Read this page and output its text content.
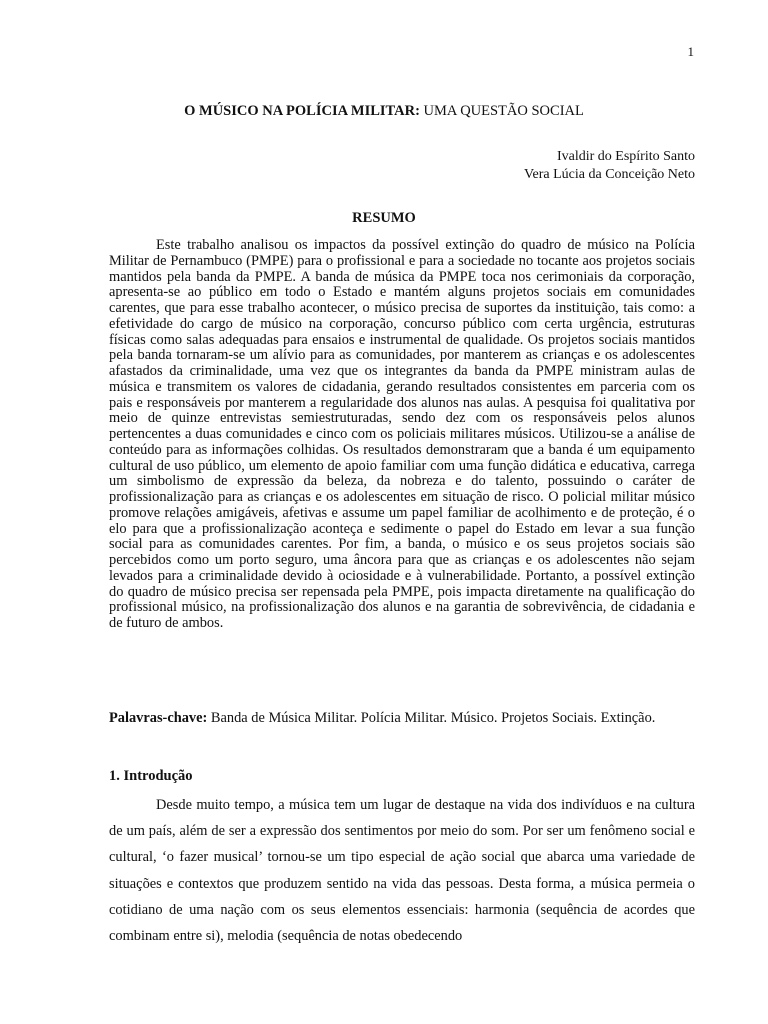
1
O MÚSICO NA POLÍCIA MILITAR: UMA QUESTÃO SOCIAL
Ivaldir do Espírito Santo
Vera Lúcia da Conceição Neto
RESUMO

Este trabalho analisou os impactos da possível extinção do quadro de músico na Polícia Militar de Pernambuco (PMPE) para o profissional e para a sociedade no tocante aos projetos sociais mantidos pela banda da PMPE. A banda de música da PMPE toca nos cerimoniais da corporação, apresenta-se ao público em todo o Estado e mantém alguns projetos sociais em comunidades carentes, que para esse trabalho acontecer, o músico precisa de suportes da instituição, tais como: a efetividade do cargo de músico na corporação, concurso público com certa urgência, estruturas físicas como salas adequadas para ensaios e instrumental de qualidade. Os projetos sociais mantidos pela banda tornaram-se um alívio para as comunidades, por manterem as crianças e os adolescentes afastados da criminalidade, uma vez que os integrantes da banda da PMPE ministram aulas de música e transmitem os valores de cidadania, gerando resultados consistentes em parceria com os pais e responsáveis por manterem a regularidade dos alunos nas aulas. A pesquisa foi qualitativa por meio de quinze entrevistas semiestruturadas, sendo dez com os responsáveis pelos alunos pertencentes a duas comunidades e cinco com os policiais militares músicos. Utilizou-se a análise de conteúdo para as informações colhidas. Os resultados demonstraram que a banda é um equipamento cultural de uso público, um elemento de apoio familiar com uma função didática e educativa, carrega um simbolismo de expressão da beleza, da nobreza e do talento, possuindo o caráter de profissionalização para as crianças e os adolescentes em situação de risco. O policial militar músico promove relações amigáveis, afetivas e assume um papel familiar de acolhimento e de proteção, é o elo para que a profissionalização aconteça e sedimente o papel do Estado em levar a sua função social para as comunidades carentes. Por fim, a banda, o músico e os seus projetos sociais são percebidos como um porto seguro, uma âncora para que as crianças e os adolescentes não sejam levados para a criminalidade devido à ociosidade e à vulnerabilidade. Portanto, a possível extinção do quadro de músico precisa ser repensada pela PMPE, pois impacta diretamente na qualificação do profissional músico, na profissionalização dos alunos e na garantia de sobrevivência, de cidadania e de futuro de ambos.

Palavras-chave: Banda de Música Militar. Polícia Militar. Músico. Projetos Sociais. Extinção.

1. Introdução

Desde muito tempo, a música tem um lugar de destaque na vida dos indivíduos e na cultura de um país, além de ser a expressão dos sentimentos por meio do som. Por ser um fenômeno social e cultural, ‘o fazer musical’ tornou-se um tipo especial de ação social que abarca uma variedade de situações e contextos que produzem sentido na vida das pessoas. Desta forma, a música permeia o cotidiano de uma nação com os seus elementos essenciais: harmonia (sequência de acordes que combinam entre si), melodia (sequência de notas obedecendo
